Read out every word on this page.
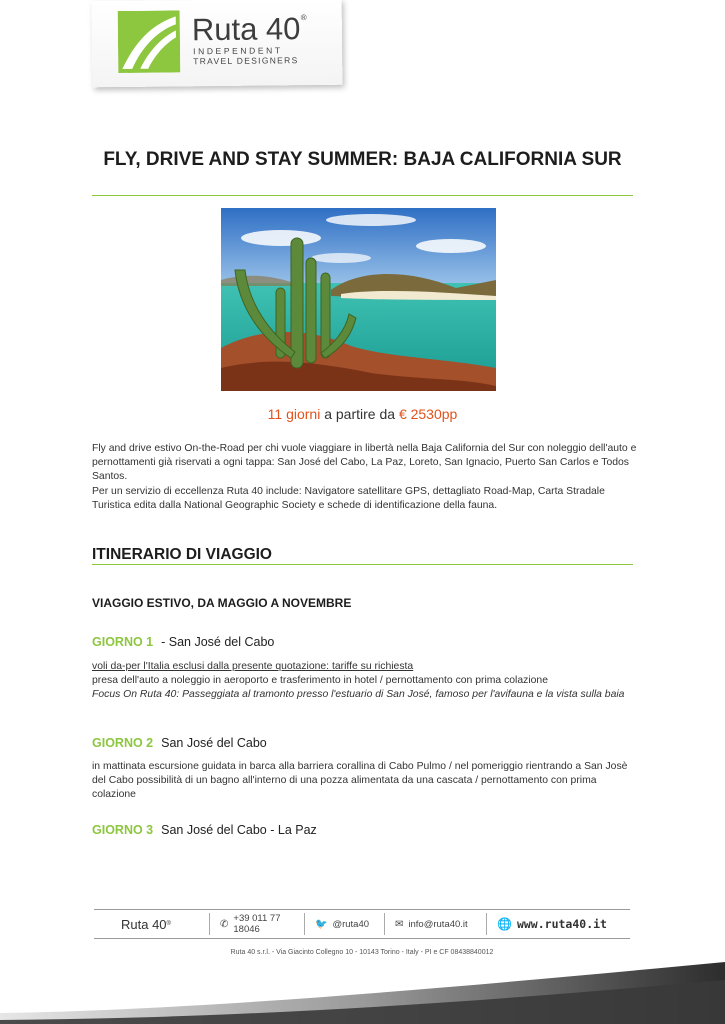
Ruta 40 ®
INDEPENDENT
TRAVEL DESIGNERS
FLY, DRIVE AND STAY SUMMER: BAJA CALIFORNIA SUR
11 giorni a partire da € 2530pp

Fly and drive estivo On-the-Road per chi vuole viaggiare in libertà nella Baja California del Sur con noleggio dell'auto e pernottamenti già riservati a ogni tappa: San José del Cabo, La Paz, Loreto, San Ignacio, Puerto San Carlos e Todos Santos.

Per un servizio di eccellenza Ruta 40 include: Navigatore satellitare GPS, dettagliato Road-Map, Carta Stradale Turistica edita dalla National Geographic Society e schede di identificazione della fauna.

ITINERARIO DI VIAGGIO
VIAGGIO ESTIVO, DA MAGGIO A NOVEMBRE
GIORNO 1 - San José del Cabo
voli da-per l'Italia esclusi dalla presente quotazione: tariffe su richiesta
presa dell'auto a noleggio in aeroporto e trasferimento in hotel / pernottamento con prima colazione
Focus On Ruta 40: Passeggiata al tramonto presso l'estuario di San José, famoso per l'avifauna e la vista sulla baia
GIORNO 2 San José del Cabo
in mattinata escursione guidata in barca alla barriera corallina di Cabo Pulmo / nel pomeriggio rientrando a San Josè del Cabo possibilità di un bagno all'interno di una pozza alimentata da una cascata / pernottamento con prima colazione
GIORNO 3 San José del Cabo - La Paz
Ruta 40 ®	✆ +39 011 77 18046	🐦 @ruta40	✉ info@ruta40.it 🌐 www.ruta40.it
Ruta 40 s.r.l. - Via Giacinto Collegno 10 - 10143 Torino - Italy - PI e CF 08438840012
